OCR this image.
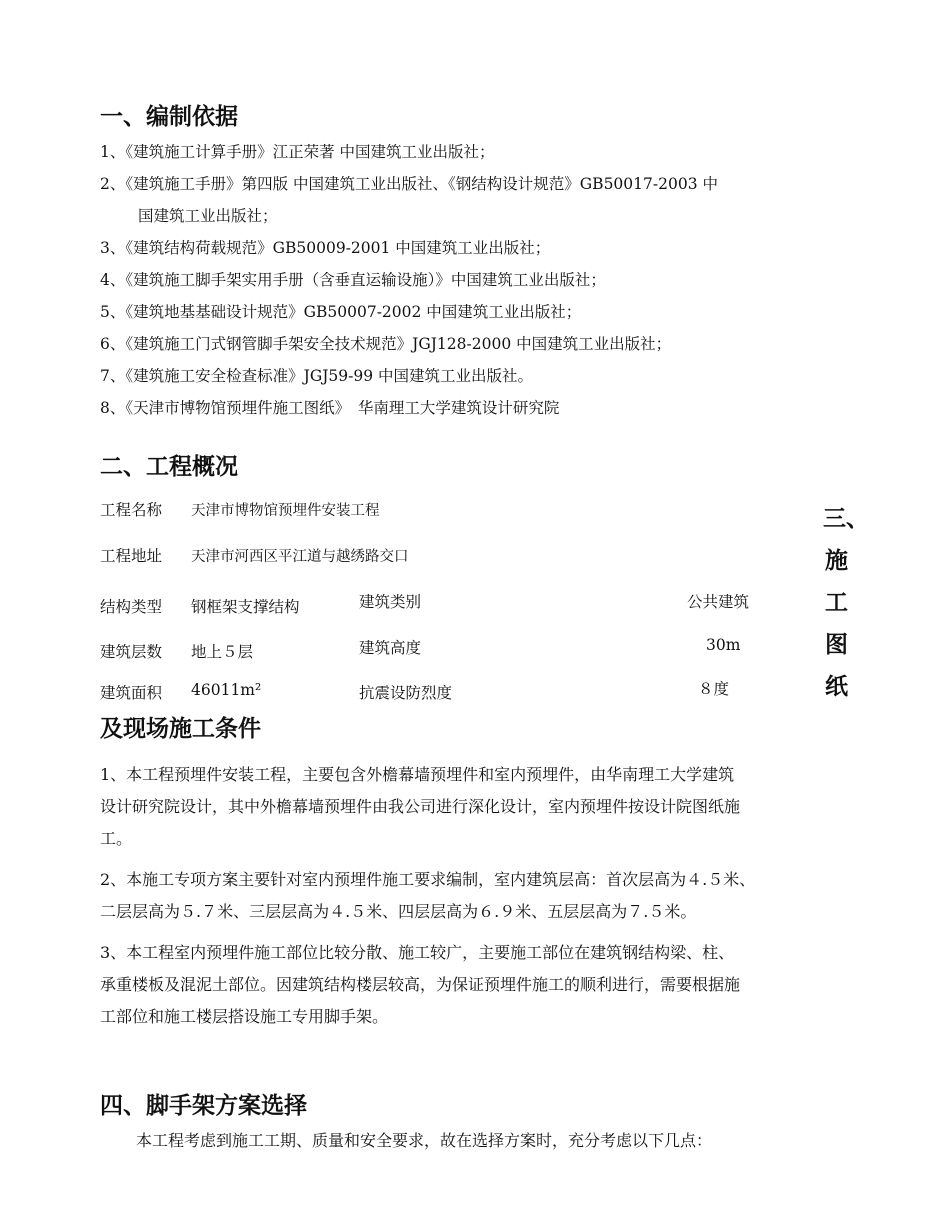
一、编制依据
1、《建筑施工计算手册》江正荣著 中国建筑工业出版社；
2、《建筑施工手册》第四版 中国建筑工业出版社、《钢结构设计规范》GB50017-2003 中
国建筑工业出版社；
3、《建筑结构荷载规范》GB50009-2001 中国建筑工业出版社；
4、《建筑施工脚手架实用手册（含垂直运输设施）》中国建筑工业出版社；
5、《建筑地基基础设计规范》GB50007-2002 中国建筑工业出版社；
6、《建筑施工门式钢管脚手架安全技术规范》JGJ128-2000 中国建筑工业出版社；
7、《建筑施工安全检查标准》JGJ59-99 中国建筑工业出版社。
8、《天津市博物馆预埋件施工图纸》　华南理工大学建筑设计研究院
二、工程概况
工程名称 天津市博物馆预埋件安装工程
工程地址 天津市河西区平江道与越绣路交口
结构类型 钢框架支撑结构	建筑类别	公共建筑
建筑层数 地上５层	建筑高度	30m
建筑面积 46011m²	抗震设防烈度	８度
三、
施
工
图
纸
及现场施工条件
1、本工程预埋件安装工程，主要包含外檐幕墙预埋件和室内预埋件，由华南理工大学建筑
设计研究院设计，其中外檐幕墙预埋件由我公司进行深化设计，室内预埋件按设计院图纸施
工。
2、本施工专项方案主要针对室内预埋件施工要求编制，室内建筑层高：首次层高为４.５米、
二层层高为５.７米、三层层高为４.５米、四层层高为６.９米、五层层高为７.５米。
3、本工程室内预埋件施工部位比较分散、施工较广，主要施工部位在建筑钢结构梁、柱、
承重楼板及混泥土部位。因建筑结构楼层较高，为保证预埋件施工的顺利进行，需要根据施
工部位和施工楼层搭设施工专用脚手架。
四、脚手架方案选择
本工程考虑到施工工期、质量和安全要求，故在选择方案时，充分考虑以下几点：
